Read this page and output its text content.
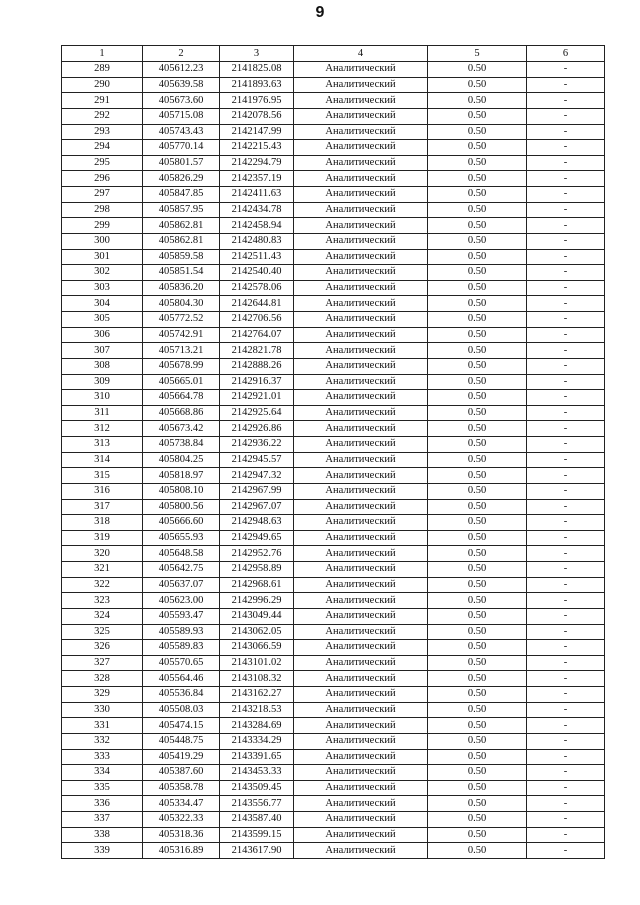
9
1	2	3	4	5	6
289	405612.23	2141825.08	Аналитический	0.50	-
290	405639.58	2141893.63	Аналитический	0.50	-
291	405673.60	2141976.95	Аналитический	0.50	-
292	405715.08	2142078.56	Аналитический	0.50	-
293	405743.43	2142147.99	Аналитический	0.50	-
294	405770.14	2142215.43	Аналитический	0.50	-
295	405801.57	2142294.79	Аналитический	0.50	-
296	405826.29	2142357.19	Аналитический	0.50	-
297	405847.85	2142411.63	Аналитический	0.50	-
298	405857.95	2142434.78	Аналитический	0.50	-
299	405862.81	2142458.94	Аналитический	0.50	-
300	405862.81	2142480.83	Аналитический	0.50	-
301	405859.58	2142511.43	Аналитический	0.50	-
302	405851.54	2142540.40	Аналитический	0.50	-
303	405836.20	2142578.06	Аналитический	0.50	-
304	405804.30	2142644.81	Аналитический	0.50	-
305	405772.52	2142706.56	Аналитический	0.50	-
306	405742.91	2142764.07	Аналитический	0.50	-
307	405713.21	2142821.78	Аналитический	0.50	-
308	405678.99	2142888.26	Аналитический	0.50	-
309	405665.01	2142916.37	Аналитический	0.50	-
310	405664.78	2142921.01	Аналитический	0.50	-
311	405668.86	2142925.64	Аналитический	0.50	-
312	405673.42	2142926.86	Аналитический	0.50	-
313	405738.84	2142936.22	Аналитический	0.50	-
314	405804.25	2142945.57	Аналитический	0.50	-
315	405818.97	2142947.32	Аналитический	0.50	-
316	405808.10	2142967.99	Аналитический	0.50	-
317	405800.56	2142967.07	Аналитический	0.50	-
318	405666.60	2142948.63	Аналитический	0.50	-
319	405655.93	2142949.65	Аналитический	0.50	-
320	405648.58	2142952.76	Аналитический	0.50	-
321	405642.75	2142958.89	Аналитический	0.50	-
322	405637.07	2142968.61	Аналитический	0.50	-
323	405623.00	2142996.29	Аналитический	0.50	-
324	405593.47	2143049.44	Аналитический	0.50	-
325	405589.93	2143062.05	Аналитический	0.50	-
326	405589.83	2143066.59	Аналитический	0.50	-
327	405570.65	2143101.02	Аналитический	0.50	-
328	405564.46	2143108.32	Аналитический	0.50	-
329	405536.84	2143162.27	Аналитический	0.50	-
330	405508.03	2143218.53	Аналитический	0.50	-
331	405474.15	2143284.69	Аналитический	0.50	-
332	405448.75	2143334.29	Аналитический	0.50	-
333	405419.29	2143391.65	Аналитический	0.50	-
334	405387.60	2143453.33	Аналитический	0.50	-
335	405358.78	2143509.45	Аналитический	0.50	-
336	405334.47	2143556.77	Аналитический	0.50	-
337	405322.33	2143587.40	Аналитический	0.50	-
338	405318.36	2143599.15	Аналитический	0.50	-
339	405316.89	2143617.90	Аналитический	0.50	-
